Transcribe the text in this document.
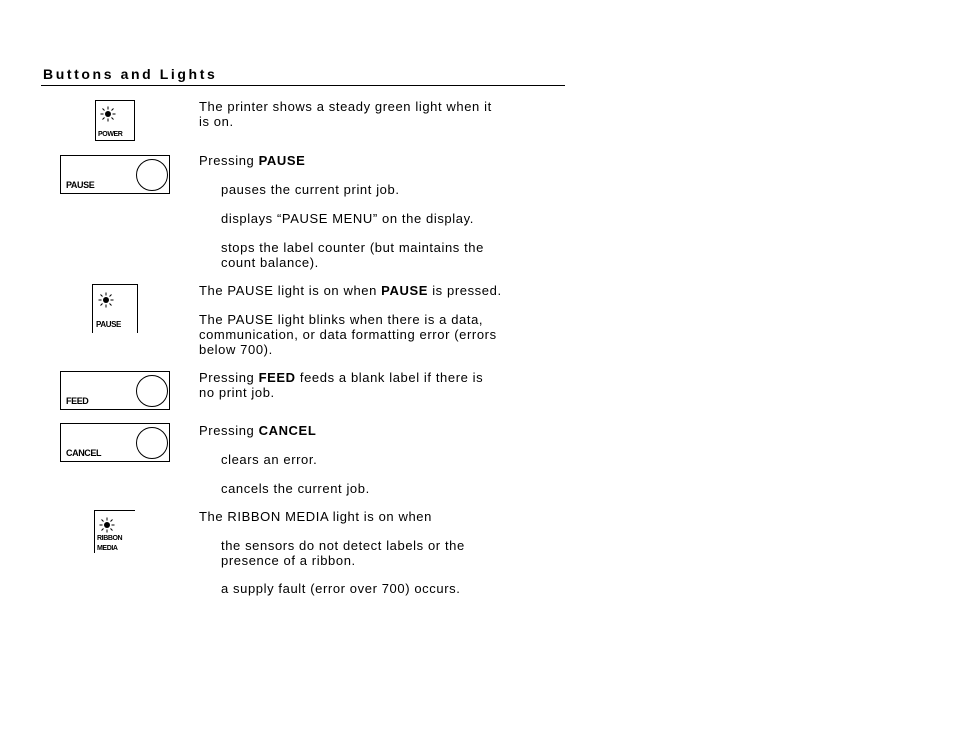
Buttons and Lights
POWER
PAUSE
PAUSE
FEED
CANCEL
RIBBON
MEDIA
The printer shows a steady green light when it
is on.
Pressing PAUSE
pauses the current print job.
displays “PAUSE MENU” on the display.
stops the label counter (but maintains the
count balance).
The PAUSE light is on when PAUSE is pressed.
The PAUSE light blinks when there is a data,
communication, or data formatting error (errors
below 700).
Pressing FEED feeds a blank label if there is
no print job.
Pressing CANCEL
clears an error.
cancels the current job.
The RIBBON MEDIA light is on when
the sensors do not detect labels or the
presence of a ribbon.
a supply fault (error over 700) occurs.
